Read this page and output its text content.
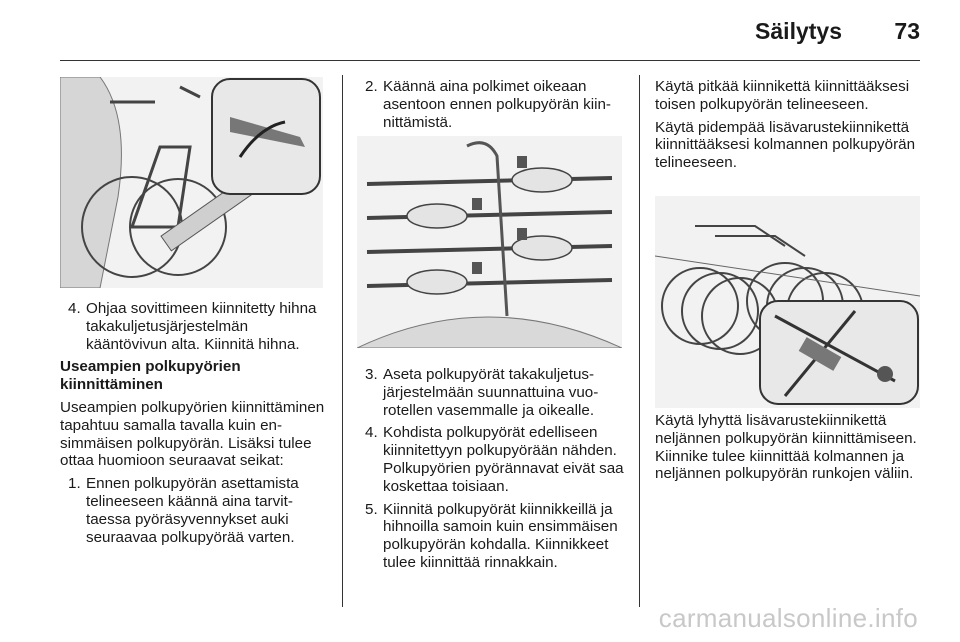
Säilytys 73
4. Ohjaa sovittimeen kiinnitetty hihna takakuljetusjärjestelmän kääntövivun alta. Kiinnitä hihna.

Useampien polkupyörien kiinnittäminen

Useampien polkupyörien kiinnittäminen tapahtuu samalla tavalla kuin ensimmäisen polkupyörän. Lisäksi tulee ottaa huomioon seuraavat seikat:

1. Ennen polkupyörän asettamista telineeseen käännä aina tarvittaessa pyöräsyvennykset auki seuraavaa polkupyörää varten.
2. Käännä aina polkimet oikeaan asentoon ennen polkupyörän kiinnittämistä.
3. Aseta polkupyörät takakuljetusjärjestelmään suunnattuina vuorotellen vasemmalle ja oikealle.
4. Kohdista polkupyörät edelliseen kiinnitettyyn polkupyörään nähden. Polkupyörien pyörännavat eivät saa koskettaa toisiaan.
5. Kiinnitä polkupyörät kiinnikkeillä ja hihnoilla samoin kuin ensimmäisen polkupyörän kohdalla. Kiinnikkeet tulee kiinnittää rinnakkain.

Käytä pitkää kiinnikettä kiinnittääksesi toisen polkupyörän telineeseen.

Käytä pidempää lisävarustekiinnikettä kiinnittääksesi kolmannen polkupyörän telineeseen.

Käytä lyhyttä lisävarustekiinnikettä neljännen polkupyörän kiinnittämiseen. Kiinnike tulee kiinnittää kolmannen ja neljännen polkupyörän runkojen väliin.

carmanualsonline.info
